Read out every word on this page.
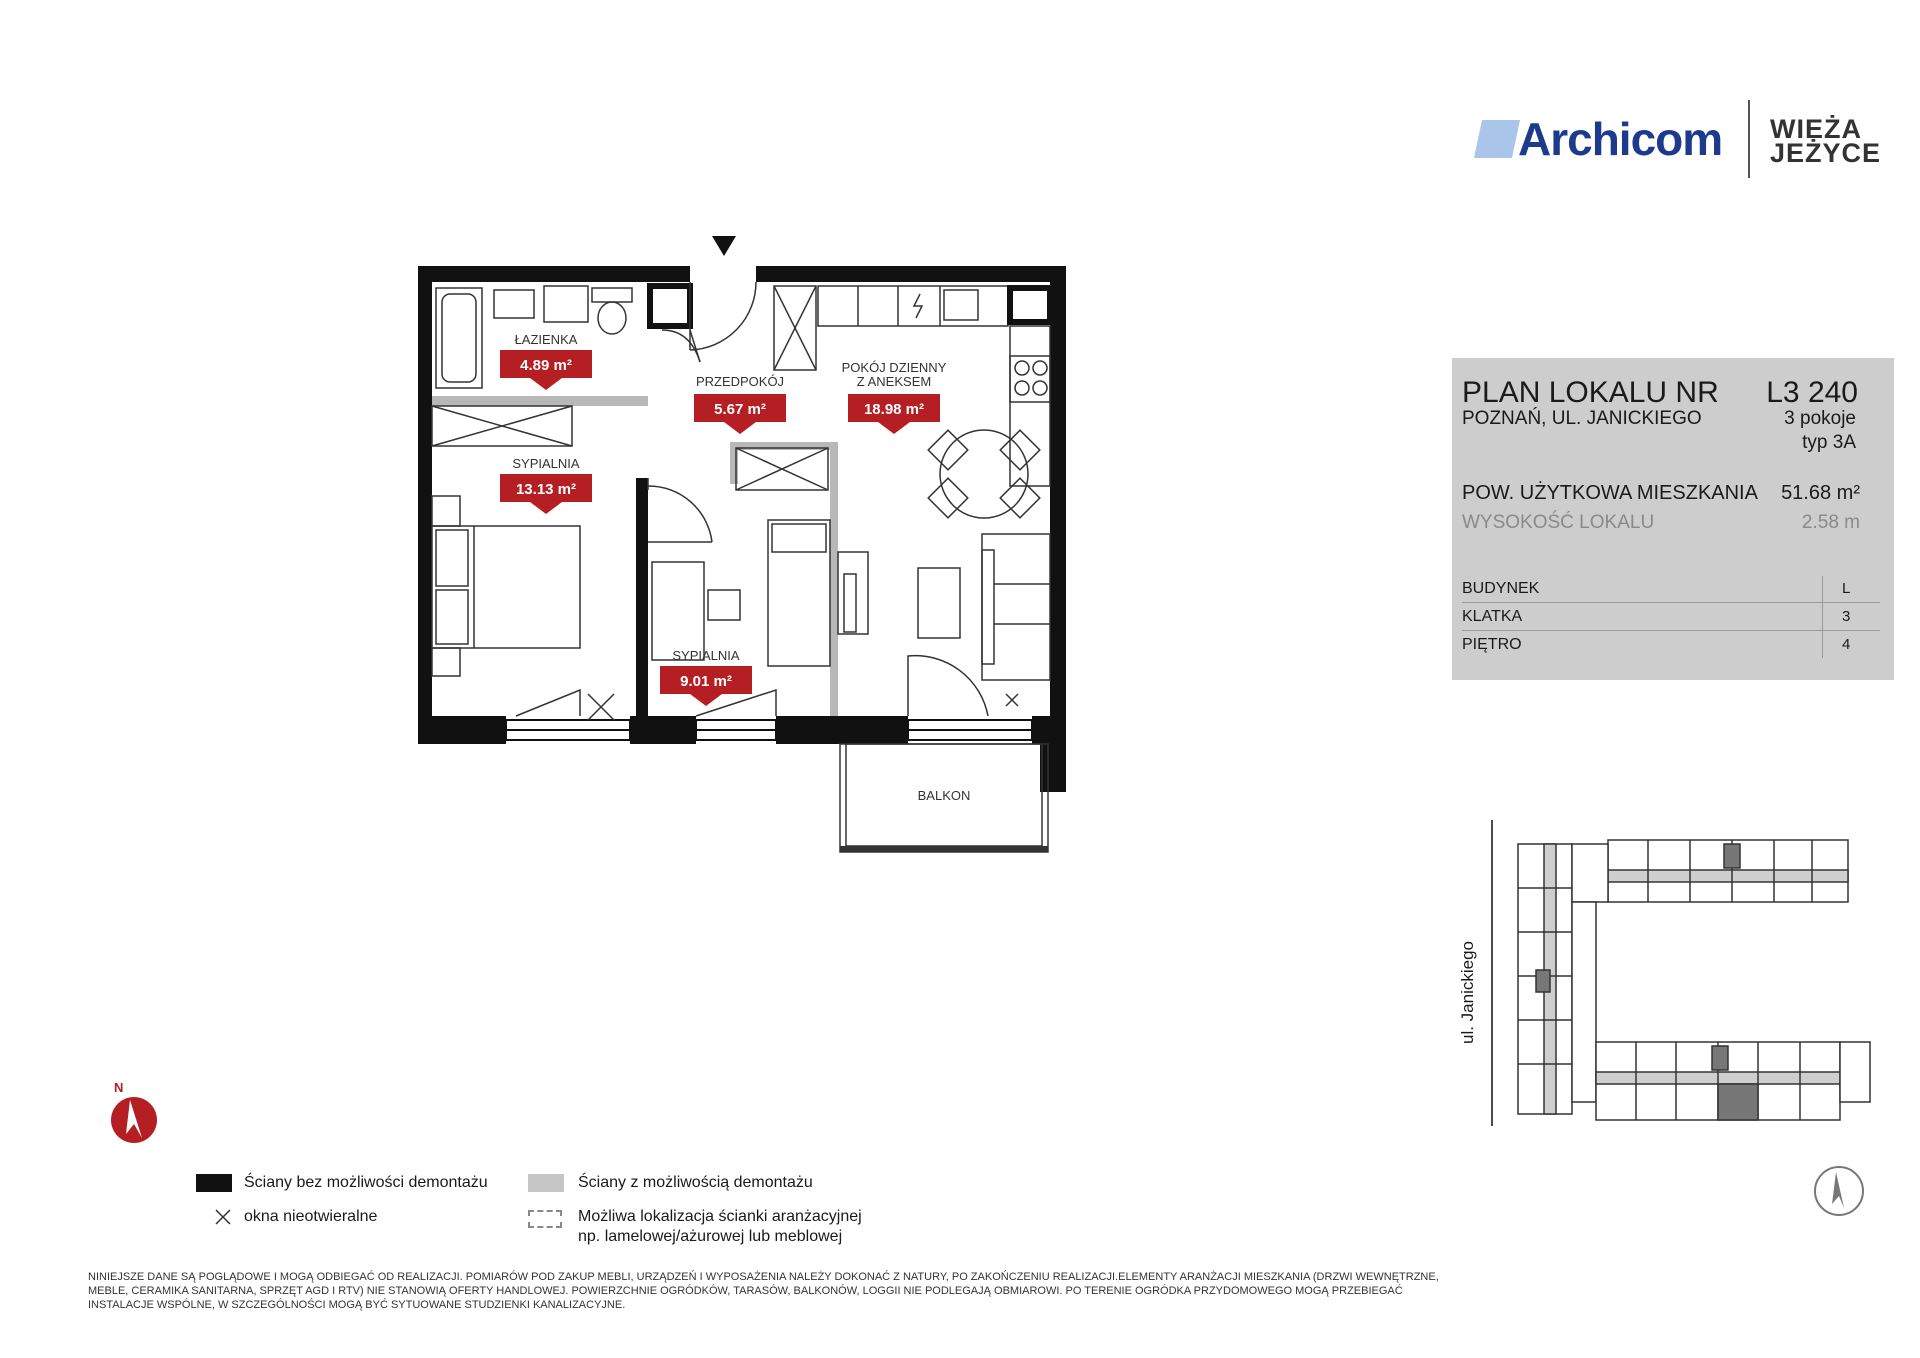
Archicom WIEŻA
JEŻYCE
ŁAZIENKA
PRZEDPOKÓJ
POKÓJ DZIENNY
Z ANEKSEM
SYPIALNIA
SYPIALNIA
BALKON
4.89 m²
5.67 m²	18.98 m²
13.13 m²
9.01 m²
PLAN LOKALU NR L3 240
POZNAŃ, UL. JANICKIEGO	3 pokoje
typ 3A
POW. UŻYTKOWA MIESZKANIA 51.68 m²
WYSOKOŚĆ LOKALU	2.58 m
BUDYNEK	L
KLATKA	3
PIĘTRO	4
ul. Janickiego
N
Ściany bez możliwości demontażu	Ściany z możliwością demontażu
okna nieotwieralne	Możliwa lokalizacja ścianki aranżacyjnej
np. lamelowej/ażurowej lub meblowej
NINIEJSZE DANE SĄ POGLĄDOWE I MOGĄ ODBIEGAĆ OD REALIZACJI. POMIARÓW POD ZAKUP MEBLI, URZĄDZEŃ I WYPOSAŻENIA NALEŻY DOKONAĆ Z NATURY, PO ZAKOŃCZENIU REALIZACJI.ELEMENTY ARANŻACJI MIESZKANIA (DRZWI WEWNĘTRZNE, MEBLE, CERAMIKA SANITARNA, SPRZĘT AGD I RTV) NIE STANOWIĄ OFERTY HANDLOWEJ. POWIERZCHNIE OGRÓDKÓW, TARASÓW, BALKONÓW, LOGGII NIE PODLEGAJĄ OBMIAROWI. PO TERENIE OGRÓDKA PRZYDOMOWEGO MOGĄ PRZEBIEGAĆ INSTALACJE WSPÓLNE, W SZCZEGÓLNOŚCI MOGĄ BYĆ SYTUOWANE STUDZIENKI KANALIZACYJNE.
